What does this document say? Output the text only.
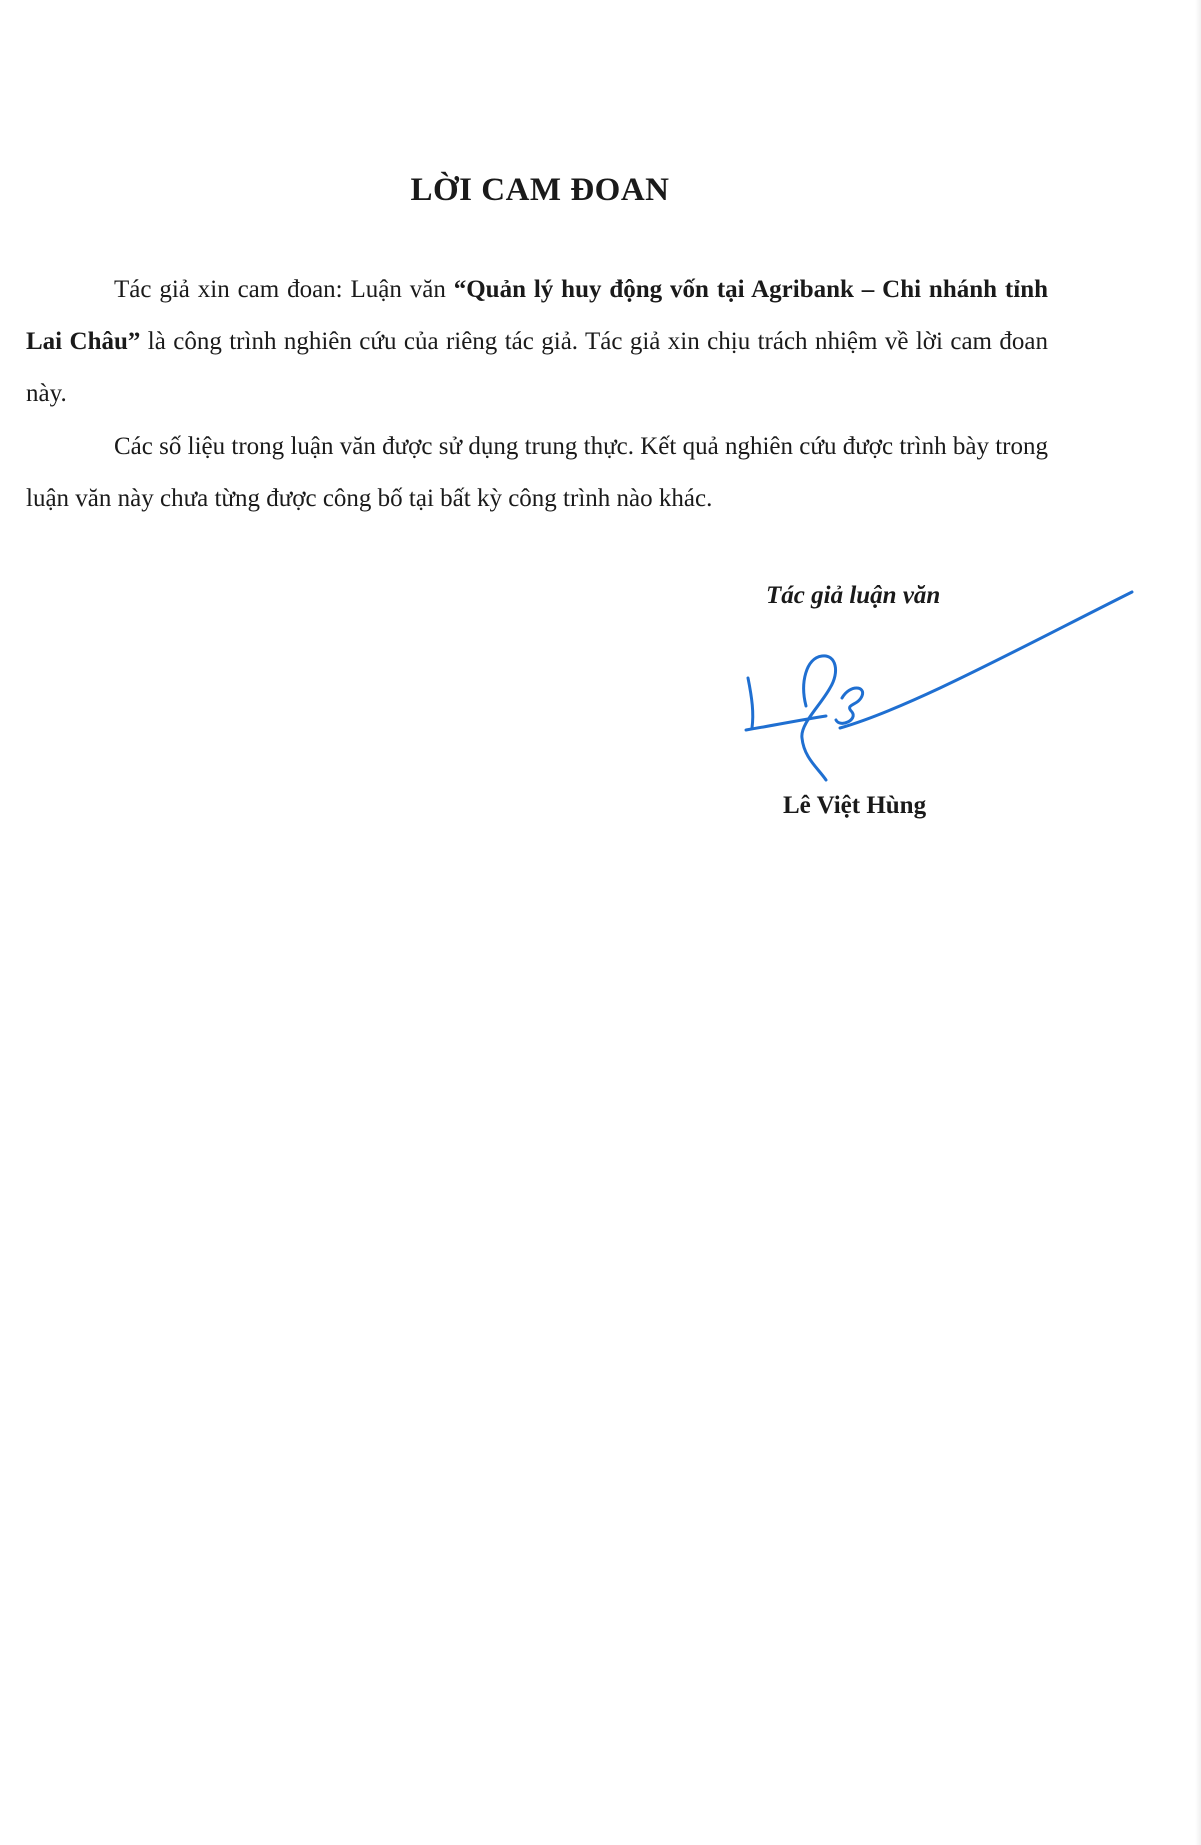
LỜI CAM ĐOAN

Tác giả xin cam đoan: Luận văn “Quản lý huy động vốn tại Agribank – Chi nhánh tỉnh Lai Châu” là công trình nghiên cứu của riêng tác giả. Tác giả xin chịu trách nhiệm về lời cam đoan này.

Các số liệu trong luận văn được sử dụng trung thực. Kết quả nghiên cứu được trình bày trong luận văn này chưa từng được công bố tại bất kỳ công trình nào khác.

Tác giả luận văn

Lê Việt Hùng
